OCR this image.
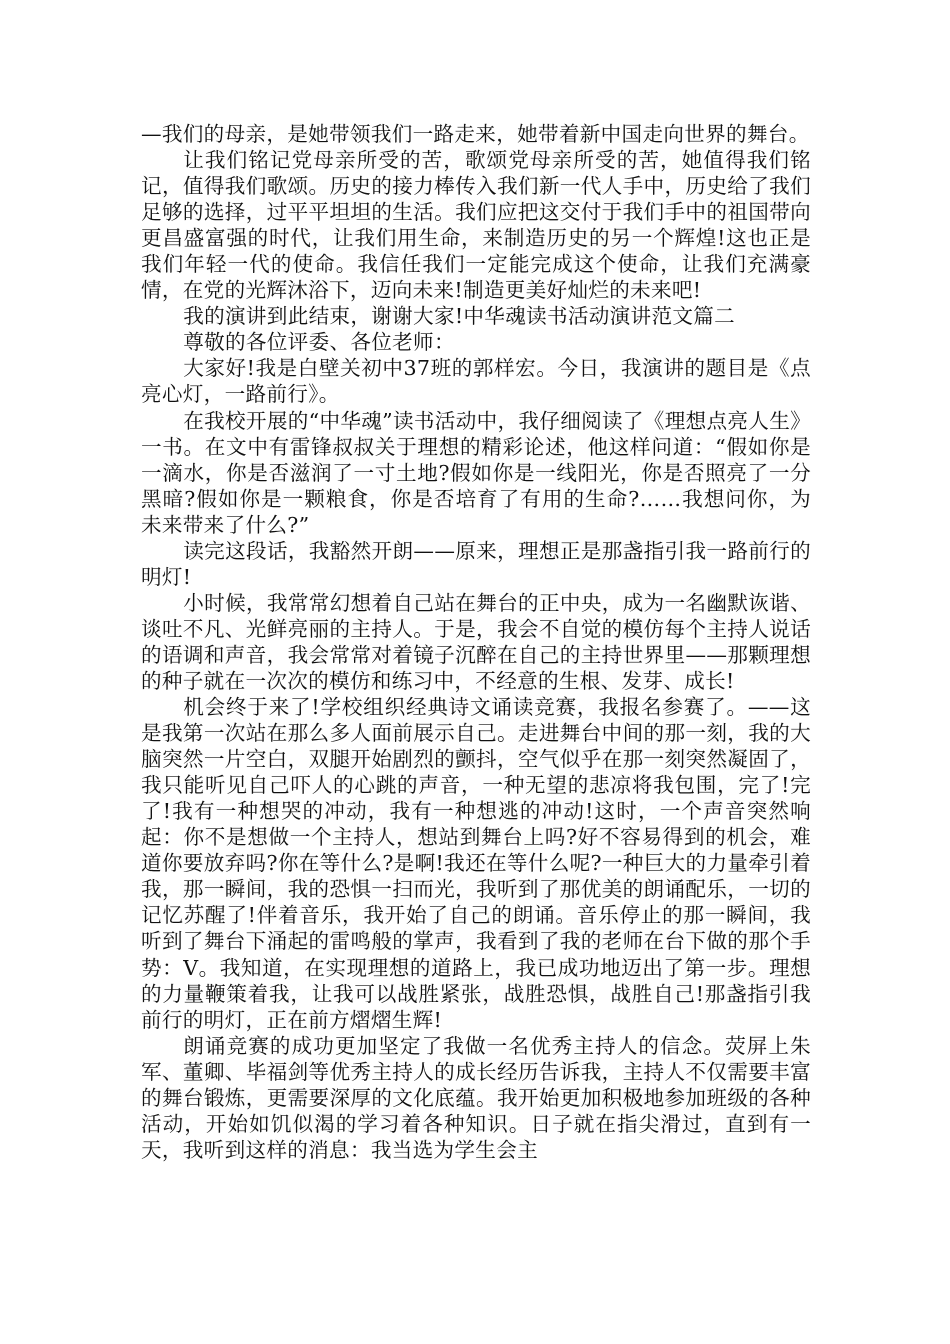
—我们的母亲，是她带领我们一路走来，她带着新中国走向世界的舞台。

让我们铭记党母亲所受的苦，歌颂党母亲所受的苦，她值得我们铭记，值得我们歌颂。历史的接力棒传入我们新一代人手中，历史给了我们足够的选择，过平平坦坦的生活。我们应把这交付于我们手中的祖国带向更昌盛富强的时代，让我们用生命，来制造历史的另一个辉煌!这也正是我们年轻一代的使命。我信任我们一定能完成这个使命，让我们充满豪情，在党的光辉沐浴下，迈向未来!制造更美好灿烂的未来吧!

我的演讲到此结束，谢谢大家!中华魂读书活动演讲范文篇二

尊敬的各位评委、各位老师：

大家好!我是白壁关初中37班的郭样宏。今日，我演讲的题目是《点亮心灯，一路前行》。

在我校开展的“中华魂”读书活动中，我仔细阅读了《理想点亮人生》一书。在文中有雷锋叔叔关于理想的精彩论述，他这样问道：“假如你是一滴水，你是否滋润了一寸土地?假如你是一线阳光，你是否照亮了一分黑暗?假如你是一颗粮食，你是否培育了有用的生命?……我想问你，为未来带来了什么?”

读完这段话，我豁然开朗——原来，理想正是那盏指引我一路前行的明灯!

小时候，我常常幻想着自己站在舞台的正中央，成为一名幽默诙谐、谈吐不凡、光鲜亮丽的主持人。于是，我会不自觉的模仿每个主持人说话的语调和声音，我会常常对着镜子沉醉在自己的主持世界里——那颗理想的种子就在一次次的模仿和练习中，不经意的生根、发芽、成长!

机会终于来了!学校组织经典诗文诵读竞赛，我报名参赛了。——这是我第一次站在那么多人面前展示自己。走进舞台中间的那一刻，我的大脑突然一片空白，双腿开始剧烈的颤抖，空气似乎在那一刻突然凝固了，我只能听见自己吓人的心跳的声音，一种无望的悲凉将我包围，完了!完了!我有一种想哭的冲动，我有一种想逃的冲动!这时，一个声音突然响起：你不是想做一个主持人，想站到舞台上吗?好不容易得到的机会，难道你要放弃吗?你在等什么?是啊!我还在等什么呢?一种巨大的力量牵引着我，那一瞬间，我的恐惧一扫而光，我听到了那优美的朗诵配乐，一切的记忆苏醒了!伴着音乐，我开始了自己的朗诵。音乐停止的那一瞬间，我听到了舞台下涌起的雷鸣般的掌声，我看到了我的老师在台下做的那个手势：V。我知道，在实现理想的道路上，我已成功地迈出了第一步。理想的力量鞭策着我，让我可以战胜紧张，战胜恐惧，战胜自己!那盏指引我前行的明灯，正在前方熠熠生辉!

朗诵竞赛的成功更加坚定了我做一名优秀主持人的信念。荧屏上朱军、董卿、毕福剑等优秀主持人的成长经历告诉我，主持人不仅需要丰富的舞台锻炼，更需要深厚的文化底蕴。我开始更加积极地参加班级的各种活动，开始如饥似渴的学习着各种知识。日子就在指尖滑过，直到有一天，我听到这样的消息：我当选为学生会主
